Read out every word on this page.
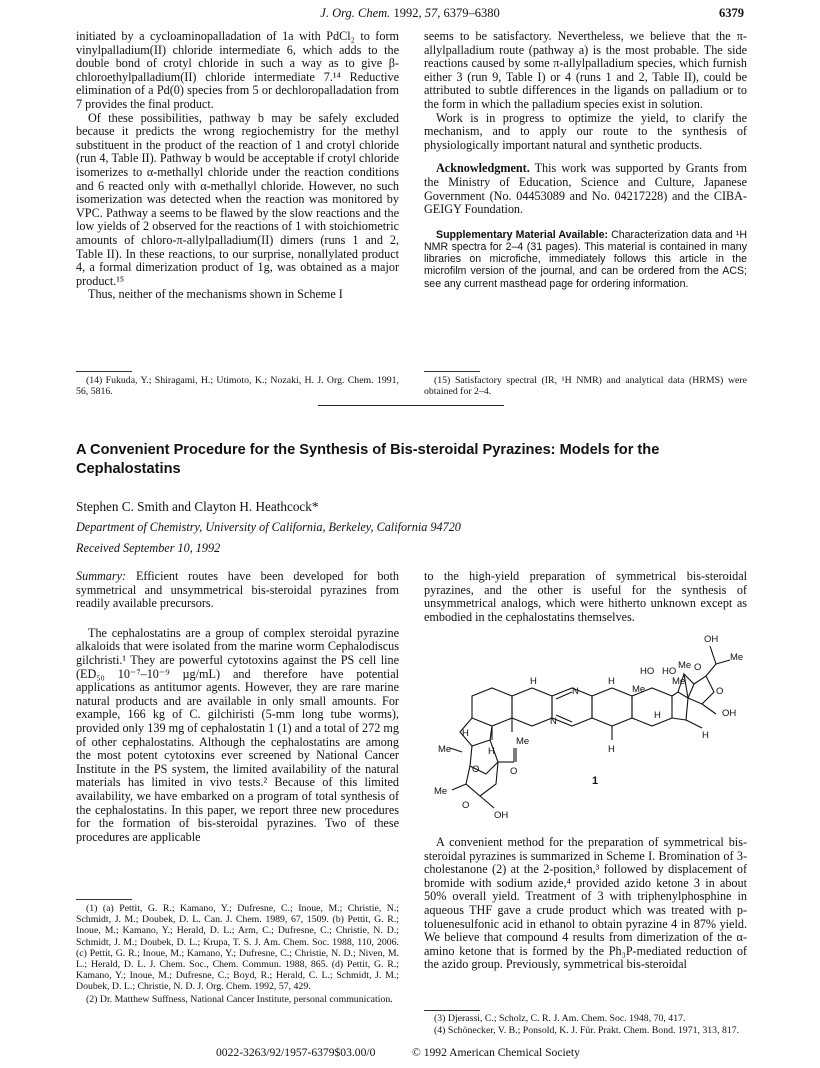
J. Org. Chem. 1992, 57, 6379–6380	6379

initiated by a cycloaminopalladation of 1a with PdCl₂ to form vinylpalladium(II) chloride intermediate 6, which adds to the double bond of crotyl chloride in such a way as to give β-chloroethylpalladium(II) chloride intermediate 7.¹⁴ Reductive elimination of a Pd(0) species from 5 or dechloropalladation from 7 provides the final product.

Of these possibilities, pathway b may be safely excluded because it predicts the wrong regiochemistry for the methyl substituent in the product of the reaction of 1 and crotyl chloride (run 4, Table II). Pathway b would be acceptable if crotyl chloride isomerizes to α-methallyl chloride under the reaction conditions and 6 reacted only with α-methallyl chloride. However, no such isomerization was detected when the reaction was monitored by VPC. Pathway a seems to be flawed by the slow reactions and the low yields of 2 observed for the reactions of 1 with stoichiometric amounts of chloro-π-allylpalladium(II) dimers (runs 1 and 2, Table II). In these reactions, to our surprise, nonallylated product 4, a formal dimerization product of 1g, was obtained as a major product.¹⁵

Thus, neither of the mechanisms shown in Scheme I

(14) Fukuda, Y.; Shiragami, H.; Utimoto, K.; Nozaki, H. J. Org. Chem. 1991, 56, 5816.

seems to be satisfactory. Nevertheless, we believe that the π-allylpalladium route (pathway a) is the most probable. The side reactions caused by some π-allylpalladium species, which furnish either 3 (run 9, Table I) or 4 (runs 1 and 2, Table II), could be attributed to subtle differences in the ligands on palladium or to the form in which the palladium species exist in solution.

Work is in progress to optimize the yield, to clarify the mechanism, and to apply our route to the synthesis of physiologically important natural and synthetic products.

Acknowledgment. This work was supported by Grants from the Ministry of Education, Science and Culture, Japanese Government (No. 04453089 and No. 04217228) and the CIBA-GEIGY Foundation.

Supplementary Material Available: Characterization data and ¹H NMR spectra for 2–4 (31 pages). This material is contained in many libraries on microfiche, immediately follows this article in the microfilm version of the journal, and can be ordered from the ACS; see any current masthead page for ordering information.

(15) Satisfactory spectral (IR, ¹H NMR) and analytical data (HRMS) were obtained for 2–4.

A Convenient Procedure for the Synthesis of Bis-steroidal Pyrazines: Models for the Cephalostatins
Stephen C. Smith and Clayton H. Heathcock*
Department of Chemistry, University of California, Berkeley, California 94720
Received September 10, 1992

Summary: Efficient routes have been developed for both symmetrical and unsymmetrical bis-steroidal pyrazines from readily available precursors.

The cephalostatins are a group of complex steroidal pyrazine alkaloids that were isolated from the marine worm Cephalodiscus gilchristi.¹ They are powerful cytotoxins against the PS cell line (ED₅₀ 10⁻⁷–10⁻⁹ µg/mL) and therefore have potential applications as antitumor agents. However, they are rare marine natural products and are available in only small amounts. For example, 166 kg of C. gilchiristi (5-mm long tube worms), provided only 139 mg of cephalostatin 1 (1) and a total of 272 mg of other cephalostatins. Although the cephalostatins are among the most potent cytotoxins ever screened by National Cancer Institute in the PS system, the limited availability of the natural materials has limited in vivo tests.² Because of this limited availability, we have embarked on a program of total synthesis of the cephalostatins. In this paper, we report three new procedures for the formation of bis-steroidal pyrazines. Two of these procedures are applicable

(1) (a) Pettit, G. R.; Kamano, Y.; Dufresne, C.; Inoue, M.; Christie, N.; Schmidt, J. M.; Doubek, D. L. Can. J. Chem. 1989, 67, 1509. (b) Pettit, G. R.; Inoue, M.; Kamano, Y.; Herald, D. L.; Arm, C.; Dufresne, C.; Christie, N. D.; Schmidt, J. M.; Doubek, D. L.; Krupa, T. S. J. Am. Chem. Soc. 1988, 110, 2006. (c) Pettit, G. R.; Inoue, M.; Kamano, Y.; Dufresne, C.; Christie, N. D.; Niven, M. L.; Herald, D. L. J. Chem. Soc., Chem. Commun. 1988, 865. (d) Pettit, G. R.; Kamano, Y.; Inoue, M.; Dufresne, C.; Boyd, R.; Herald, C. L.; Schmidt, J. M.; Doubek, D. L.; Christie, N. D. J. Org. Chem. 1992, 57, 429.

(2) Dr. Matthew Suffness, National Cancer Institute, personal communication.

to the high-yield preparation of symmetrical bis-steroidal pyrazines, and the other is useful for the synthesis of unsymmetrical analogs, which were hitherto unknown except as embodied in the cephalostatins themselves.

OH
Me
HO HO
Me O
Me
OH
H
O
N
N
H
H
H
H
H
H
Me
Me
Me
Me
O	O
O
OH
1

A convenient method for the preparation of symmetrical bis-steroidal pyrazines is summarized in Scheme I. Bromination of 3-cholestanone (2) at the 2-position,³ followed by displacement of bromide with sodium azide,⁴ provided azido ketone 3 in about 50% overall yield. Treatment of 3 with triphenylphosphine in aqueous THF gave a crude product which was treated with p-toluenesulfonic acid in ethanol to obtain pyrazine 4 in 87% yield. We believe that compound 4 results from dimerization of the α-amino ketone that is formed by the Ph₃P-mediated reduction of the azido group. Previously, symmetrical bis-steroidal

(3) Djerassi, C.; Scholz, C. R. J. Am. Chem. Soc. 1948, 70, 417.

(4) Schönecker, V. B.; Ponsold, K. J. Für. Prakt. Chem. Bond. 1971, 313, 817.

0022-3263/92/1957-6379$03.00/0	© 1992 American Chemical Society
